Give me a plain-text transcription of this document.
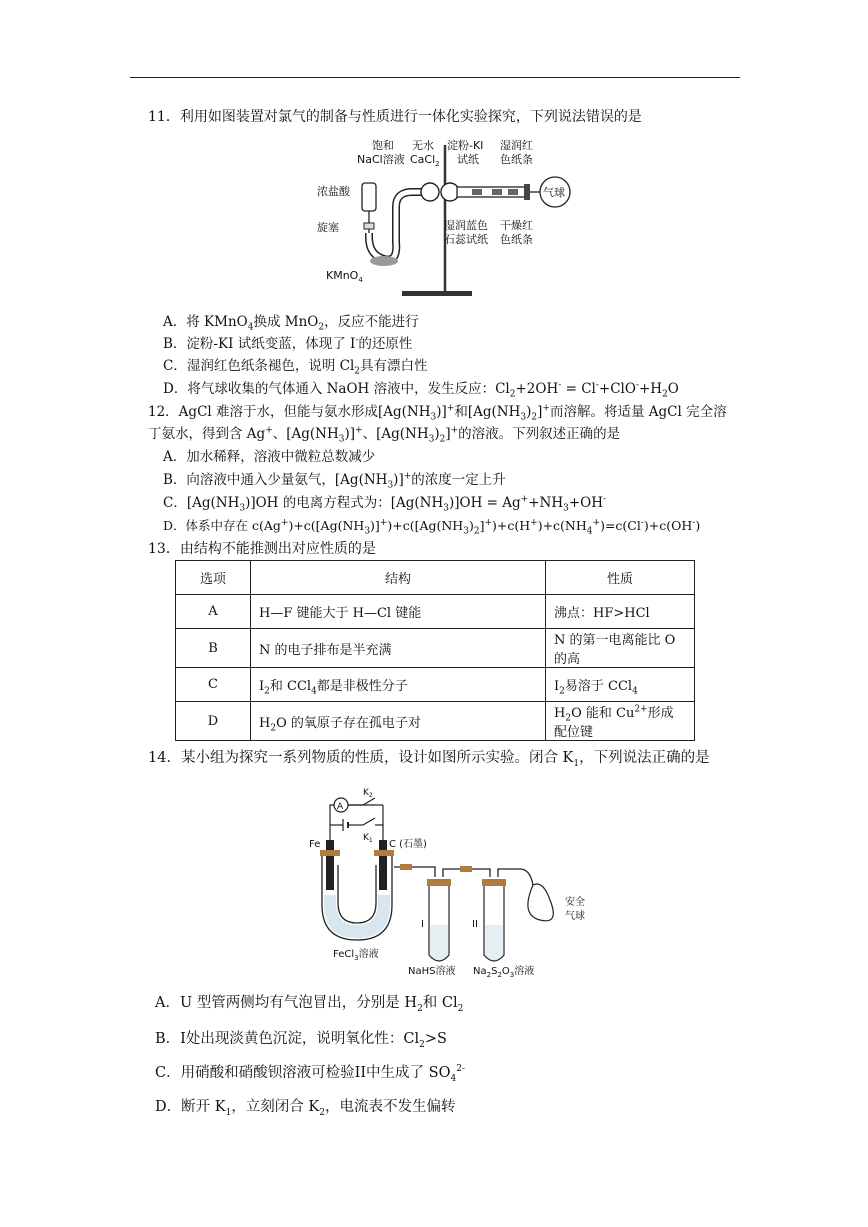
11．利用如图装置对氯气的制备与性质进行一体化实验探究，下列说法错误的是
饱和
NaCl溶液
无水
CaCl$_2$
淀粉-KI
试纸
湿润红
色纸条
浓盐酸	气球
旋塞	湿润蓝色
石蕊试纸
干燥红
色纸条
KMnO$_4$
A．将 KMnO$_4$换成 MnO$_2$，反应不能进行
B．淀粉-KI 试纸变蓝，体现了 I-的还原性
C．湿润红色纸条褪色，说明 $Cl_2$具有漂白性
D．将气球收集的气体通入 NaOH 溶液中，发生反应：$Cl_2+2OH^- = Cl^-+ClO^-+H_2O$
12．AgCl 难溶于水，但能与氨水形成$[Ag(NH_3)]^+$和$[Ag(NH_3)_2]^+$而溶解。将适量 AgCl 完全溶
丁氨水，得到含 Ag+、$[Ag(NH_3)]^+$、$[Ag(NH_3)_2]^+$的溶液。下列叙述正确的是
A．加水稀释，溶液中微粒总数减少
B．向溶液中通入少量氨气，$[Ag(NH_3)]^+$的浓度一定上升
C．$[Ag(NH_3)]OH$ 的电离方程式为：$[Ag(NH_3)]OH = Ag^++NH_3+OH^-$
D．体系中存在 $c(Ag^+)+c([Ag(NH_3)]^+)+c([Ag(NH_3)_2]^+)+c(H^+)+c(NH_4^+)=c(Cl^-)+c(OH^-)$
13．由结构不能推测出对应性质的是
选项	结构	性质
A	H—F 键能大于 H—Cl 键能	沸点：HF>HCl
B	N 的电子排布是半充满	N 的第一电离能比 O 的高
C	$I_2$和 CCl$_4$都是非极性分子	$I_2$易溶于 CCl$_4$
D	$H_2O$ 的氧原子存在孤电子对	$H_2O$ 能和 $Cu^{2+}$形成配位键
14．某小组为探究一系列物质的性质，设计如图所示实验。闭合 $K_1$，下列说法正确的是
A
$K_2$
$K_1$
Fe	C (石墨)
I	II
安全
气球
FeCl$_3$溶液
NaHS溶液 $Na_2S_2O_3$溶液
A．U 型管两侧均有气泡冒出，分别是 $H_2$和 $Cl_2$
B．I处出现淡黄色沉淀，说明氧化性：$Cl_2>S$
C．用硝酸和硝酸钡溶液可检验II中生成了 $SO_4^{2-}$
D．断开 $K_1$，立刻闭合 $K_2$，电流表不发生偏转
